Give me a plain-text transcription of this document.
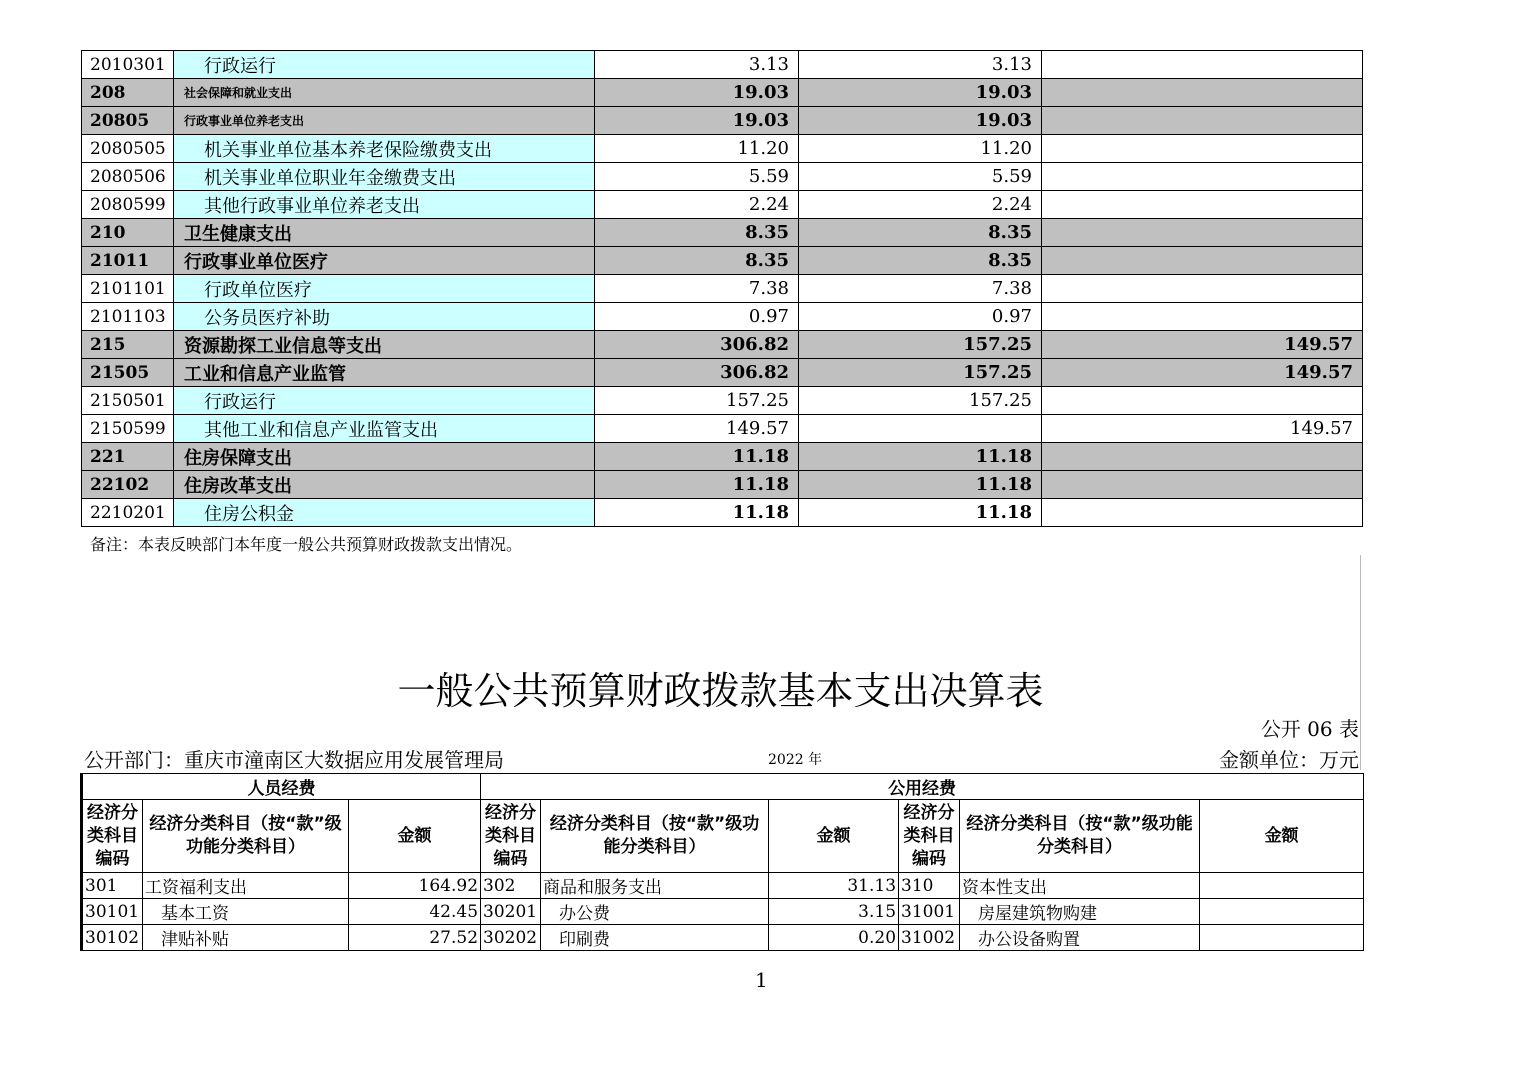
2010301	行政运行	3.13	3.13	
208	社会保障和就业支出	19.03	19.03	
20805	行政事业单位养老支出	19.03	19.03	
2080505	机关事业单位基本养老保险缴费支出	11.20	11.20	
2080506	机关事业单位职业年金缴费支出	5.59	5.59	
2080599	其他行政事业单位养老支出	2.24	2.24	
210	卫生健康支出	8.35	8.35	
21011	行政事业单位医疗	8.35	8.35	
2101101	行政单位医疗	7.38	7.38	
2101103	公务员医疗补助	0.97	0.97	
215	资源勘探工业信息等支出	306.82	157.25	149.57
21505	工业和信息产业监管	306.82	157.25	149.57
2150501	行政运行	157.25	157.25	
2150599	其他工业和信息产业监管支出	149.57		149.57
221	住房保障支出	11.18	11.18	
22102	住房改革支出	11.18	11.18	
2210201	住房公积金	11.18	11.18	
备注：本表反映部门本年度一般公共预算财政拨款支出情况。
一般公共预算财政拨款基本支出决算表
公开 06 表
公开部门：重庆市潼南区大数据应用发展管理局	2022 年	金额单位：万元
人员经费			公用经费					
经济分类科目编码	经济分类科目（按“款”级功能分类科目）	金额	经济分类科目编码	经济分类科目（按“款”级功能分类科目）	金额	经济分类科目编码	经济分类科目（按“款”级功能分类科目）	金额
301	工资福利支出	164.92	302	商品和服务支出	31.13	310	资本性支出	
30101	基本工资	42.45	30201	办公费	3.15	31001	房屋建筑物购建	
30102	津贴补贴	27.52	30202	印刷费	0.20	31002	办公设备购置	
1
